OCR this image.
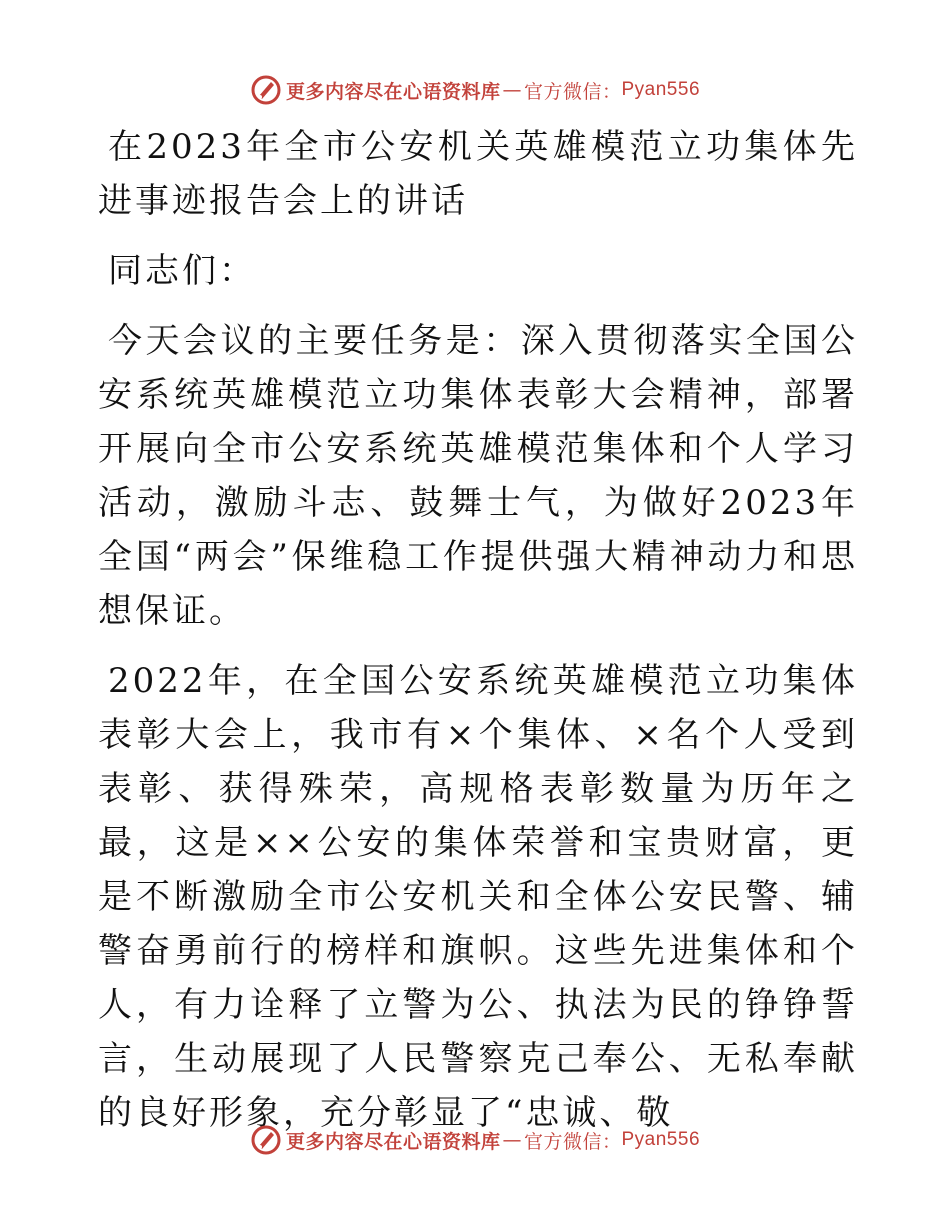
更多内容尽在心语资料库 — 官方微信： Pyan556

在2023年全市公安机关英雄模范立功集体先进事迹报告会上的讲话

同志们：

今天会议的主要任务是：深入贯彻落实全国公安系统英雄模范立功集体表彰大会精神，部署开展向全市公安系统英雄模范集体和个人学习活动，激励斗志、鼓舞士气，为做好2023年全国“两会”保维稳工作提供强大精神动力和思想保证。

2022年，在全国公安系统英雄模范立功集体表彰大会上，我市有×个集体、×名个人受到表彰、获得殊荣，高规格表彰数量为历年之最，这是××公安的集体荣誉和宝贵财富，更是不断激励全市公安机关和全体公安民警、辅警奋勇前行的榜样和旗帜。这些先进集体和个人，有力诠释了立警为公、执法为民的铮铮誓言，生动展现了人民警察克己奉公、无私奉献的良好形象，充分彰显了“忠诚、敬

更多内容尽在心语资料库 — 官方微信： Pyan556
